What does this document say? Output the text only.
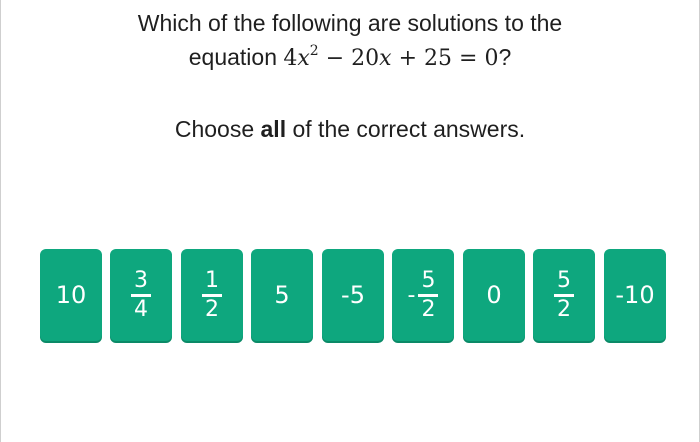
Which of the following are solutions to the
equation $4x^2 - 20x + 25 = 0$?
Choose all of the correct answers.
$10 \frac{3}{4} \frac{1}{2} 5$ $-5 - \frac{5}{2} 0 \frac{5}{2} -10$
